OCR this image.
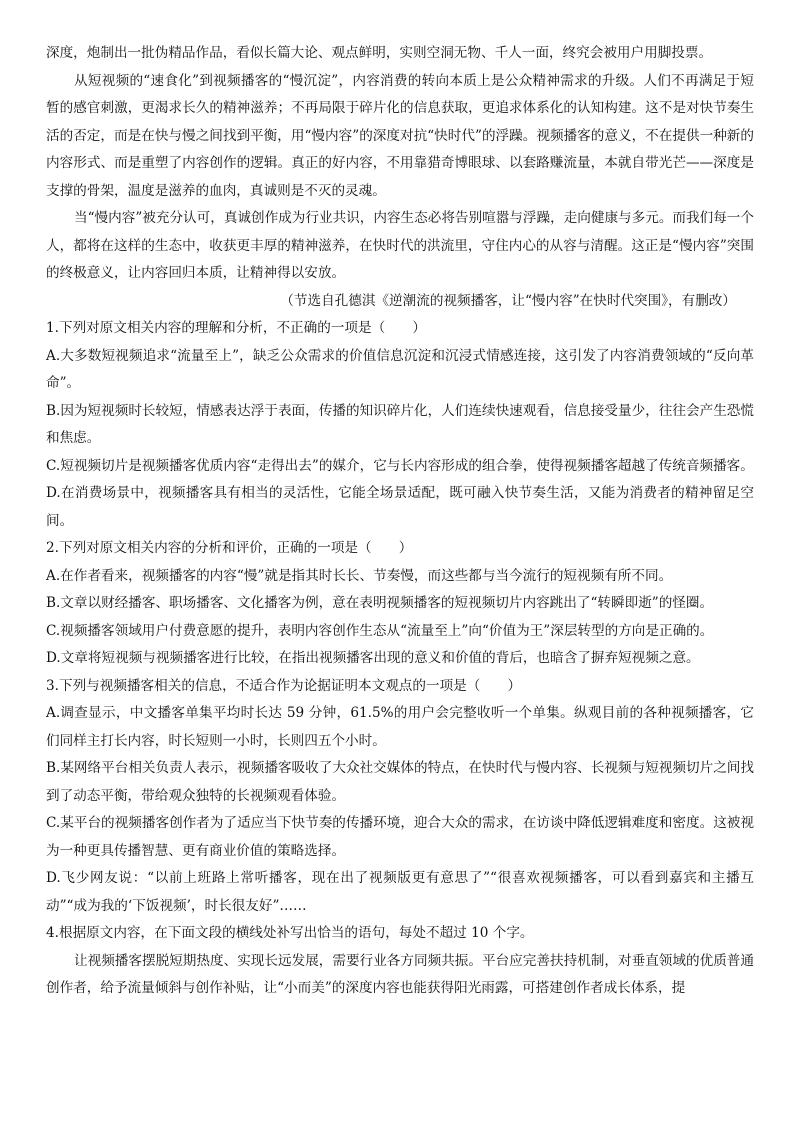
深度，炮制出一批伪精品作品，看似长篇大论、观点鲜明，实则空洞无物、千人一面，终究会被用户用脚投票。

从短视频的“速食化”到视频播客的“慢沉淀”，内容消费的转向本质上是公众精神需求的升级。人们不再满足于短暂的感官刺激，更渴求长久的精神滋养；不再局限于碎片化的信息获取，更追求体系化的认知构建。这不是对快节奏生活的否定，而是在快与慢之间找到平衡，用“慢内容”的深度对抗“快时代”的浮躁。视频播客的意义，不在提供一种新的内容形式、而是重塑了内容创作的逻辑。真正的好内容，不用靠猎奇博眼球、以套路赚流量，本就自带光芒——深度是支撑的骨架，温度是滋养的血肉，真诚则是不灭的灵魂。

当“慢内容”被充分认可，真诚创作成为行业共识，内容生态必将告别喧嚣与浮躁，走向健康与多元。而我们每一个人，都将在这样的生态中，收获更丰厚的精神滋养，在快时代的洪流里，守住内心的从容与清醒。这正是“慢内容”突围的终极意义，让内容回归本质，让精神得以安放。

（节选自孔德淇《逆潮流的视频播客，让“慢内容”在快时代突围》，有删改）

1.下列对原文相关内容的理解和分析，不正确的一项是（　　）

A.大多数短视频追求“流量至上”，缺乏公众需求的价值信息沉淀和沉浸式情感连接，这引发了内容消费领域的“反向革命”。

B.因为短视频时长较短，情感表达浮于表面，传播的知识碎片化，人们连续快速观看，信息接受量少，往往会产生恐慌和焦虑。

C.短视频切片是视频播客优质内容“走得出去”的媒介，它与长内容形成的组合拳，使得视频播客超越了传统音频播客。

D.在消费场景中，视频播客具有相当的灵活性，它能全场景适配，既可融入快节奏生活，又能为消费者的精神留足空间。

2.下列对原文相关内容的分析和评价，正确的一项是（　　）

A.在作者看来，视频播客的内容“慢”就是指其时长长、节奏慢，而这些都与当今流行的短视频有所不同。

B.文章以财经播客、职场播客、文化播客为例，意在表明视频播客的短视频切片内容跳出了“转瞬即逝”的怪圈。

C.视频播客领域用户付费意愿的提升，表明内容创作生态从“流量至上”向“价值为王”深层转型的方向是正确的。

D.文章将短视频与视频播客进行比较，在指出视频播客出现的意义和价值的背后，也暗含了摒弃短视频之意。

3.下列与视频播客相关的信息，不适合作为论据证明本文观点的一项是（　　）

A.调查显示，中文播客单集平均时长达 59 分钟，61.5%的用户会完整收听一个单集。纵观目前的各种视频播客，它们同样主打长内容，时长短则一小时，长则四五个小时。

B.某网络平台相关负责人表示，视频播客吸收了大众社交媒体的特点，在快时代与慢内容、长视频与短视频切片之间找到了动态平衡，带给观众独特的长视频观看体验。

C.某平台的视频播客创作者为了适应当下快节奏的传播环境，迎合大众的需求，在访谈中降低逻辑难度和密度。这被视为一种更具传播智慧、更有商业价值的策略选择。

D.飞少网友说：“以前上班路上常听播客，现在出了视频版更有意思了”“很喜欢视频播客，可以看到嘉宾和主播互动”“成为我的‘下饭视频’，时长很友好”……

4.根据原文内容，在下面文段的横线处补写出恰当的语句，每处不超过 10 个字。

让视频播客摆脱短期热度、实现长远发展，需要行业各方同频共振。平台应完善扶持机制，对垂直领域的优质普通创作者，给予流量倾斜与创作补贴，让“小而美”的深度内容也能获得阳光雨露，可搭建创作者成长体系，提
